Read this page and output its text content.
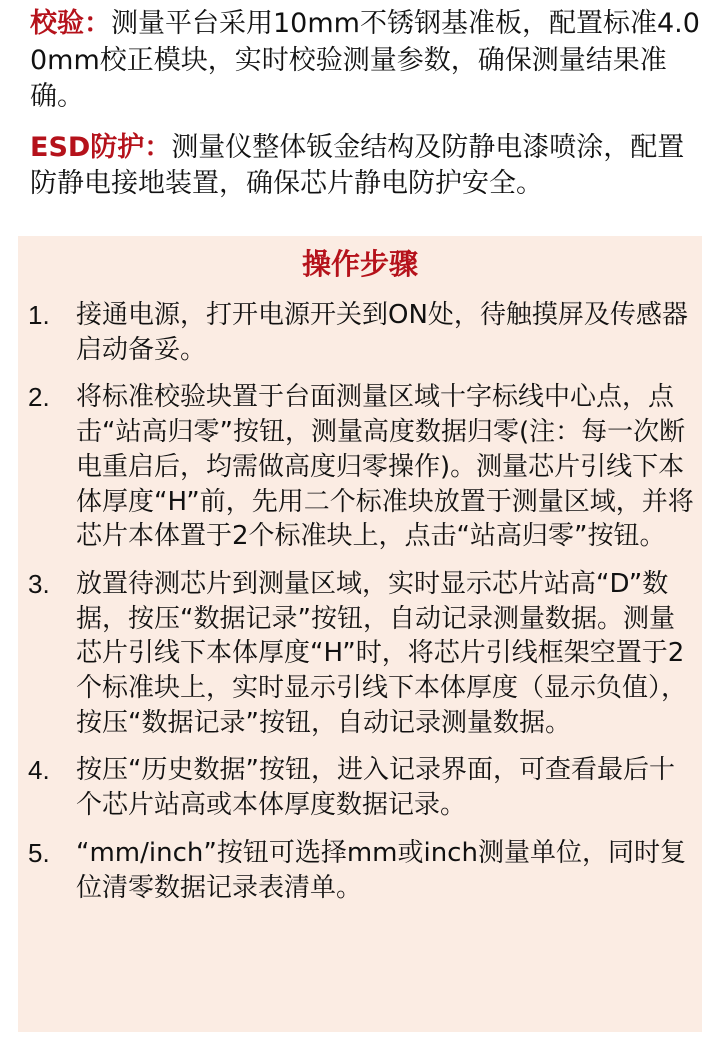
校验：测量平台采用10mm不锈钢基准板，配置标准4.00mm校正模块，实时校验测量参数，确保测量结果准确。

ESD防护：测量仪整体钣金结构及防静电漆喷涂，配置防静电接地装置，确保芯片静电防护安全。

操作步骤
1. 接通电源，打开电源开关到ON处，待触摸屏及传感器启动备妥。
2. 将标准校验块置于台面测量区域十字标线中心点，点击“站高归零”按钮，测量高度数据归零(注：每一次断电重启后，均需做高度归零操作)。测量芯片引线下本体厚度“H”前，先用二个标准块放置于测量区域，并将芯片本体置于2个标准块上，点击“站高归零”按钮。
3. 放置待测芯片到测量区域，实时显示芯片站高“D”数据，按压“数据记录”按钮，自动记录测量数据。测量芯片引线下本体厚度“H”时，将芯片引线框架空置于2个标准块上，实时显示引线下本体厚度（显示负值），按压“数据记录”按钮，自动记录测量数据。
4. 按压“历史数据”按钮，进入记录界面，可查看最后十个芯片站高或本体厚度数据记录。
5. “mm/inch”按钮可选择mm或inch测量单位，同时复位清零数据记录表清单。
